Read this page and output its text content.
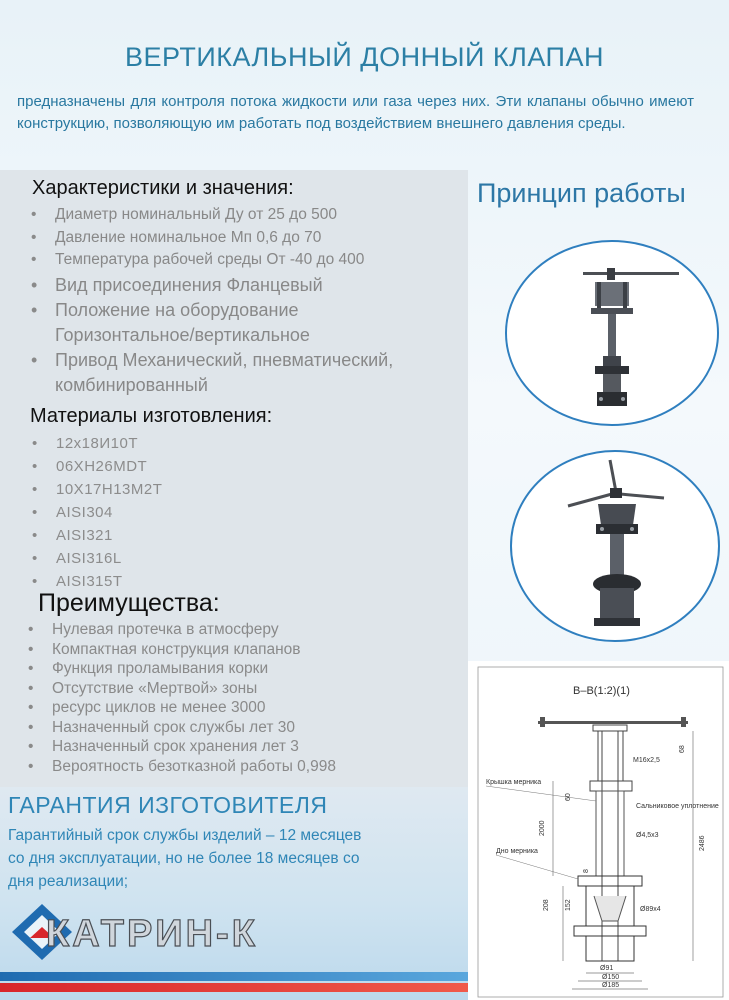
ВЕРТИКАЛЬНЫЙ ДОННЫЙ КЛАПАН
предназначены для контроля потока жидкости или газа через них. Эти клапаны обычно имеют конструкцию, позволяющую им работать под воздействием внешнего давления среды.
Характеристики и значения:
• Диаметр номинальный Ду от 25 до 500
• Давление номинальное Мп 0,6 до 70
• Температура рабочей среды От -40 до 400
• Вид присоединения Фланцевый
• Положение на оборудование
Горизонтальное/вертикальное
• Привод Механический, пневматический,
комбинированный
Материалы изготовления:
• 12х18И10Т
• 06ХН26MDT
• 10Х17Н13М2Т
• AISI304
• AISI321
• AISI316L
• AISI315T
Преимущества:
• Нулевая протечка в атмосферу
• Компактная конструкция клапанов
• Функция проламывания корки
• Отсутствие «Мертвой» зоны
• ресурс циклов не менее 3000
• Назначенный срок службы лет 30
• Назначенный срок хранения лет 3
• Вероятность безотказной работы 0,998
ГАРАНТИЯ ИЗГОТОВИТЕЛЯ
Гарантийный срок службы изделий – 12 месяцев со дня эксплуатации, но не более 18 месяцев со дня реализации;
КАТРИН-К
Принцип работы
B–B(1:2)(1)
Крышка мерника
Дно мерника
M16x2,5
Сальниковое уплотнение
Ø4,5x3
Ø89x4
Ø91
Ø150
Ø185
2000
2486
208 152
60
68
8
